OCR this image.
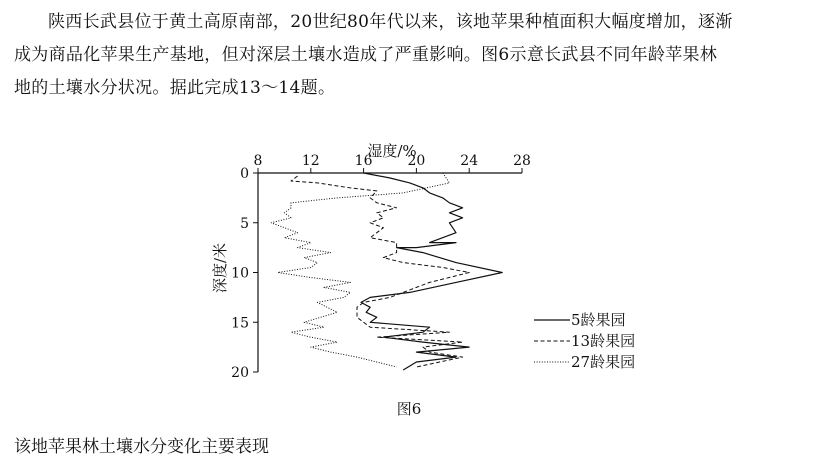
陕西长武县位于黄土高原南部，20世纪80年代以来，该地苹果种植面积大幅度增加，逐渐
成为商品化苹果生产基地，但对深层土壤水造成了严重影响。图6示意长武县不同年龄苹果林
地的土壤水分状况。据此完成13～14题。
8	12 16 20 24 28
0
5
10
15
20
湿度/%
深度/米
5龄果园
13龄果园
27龄果园
图6
该地苹果林土壤水分变化主要表现
